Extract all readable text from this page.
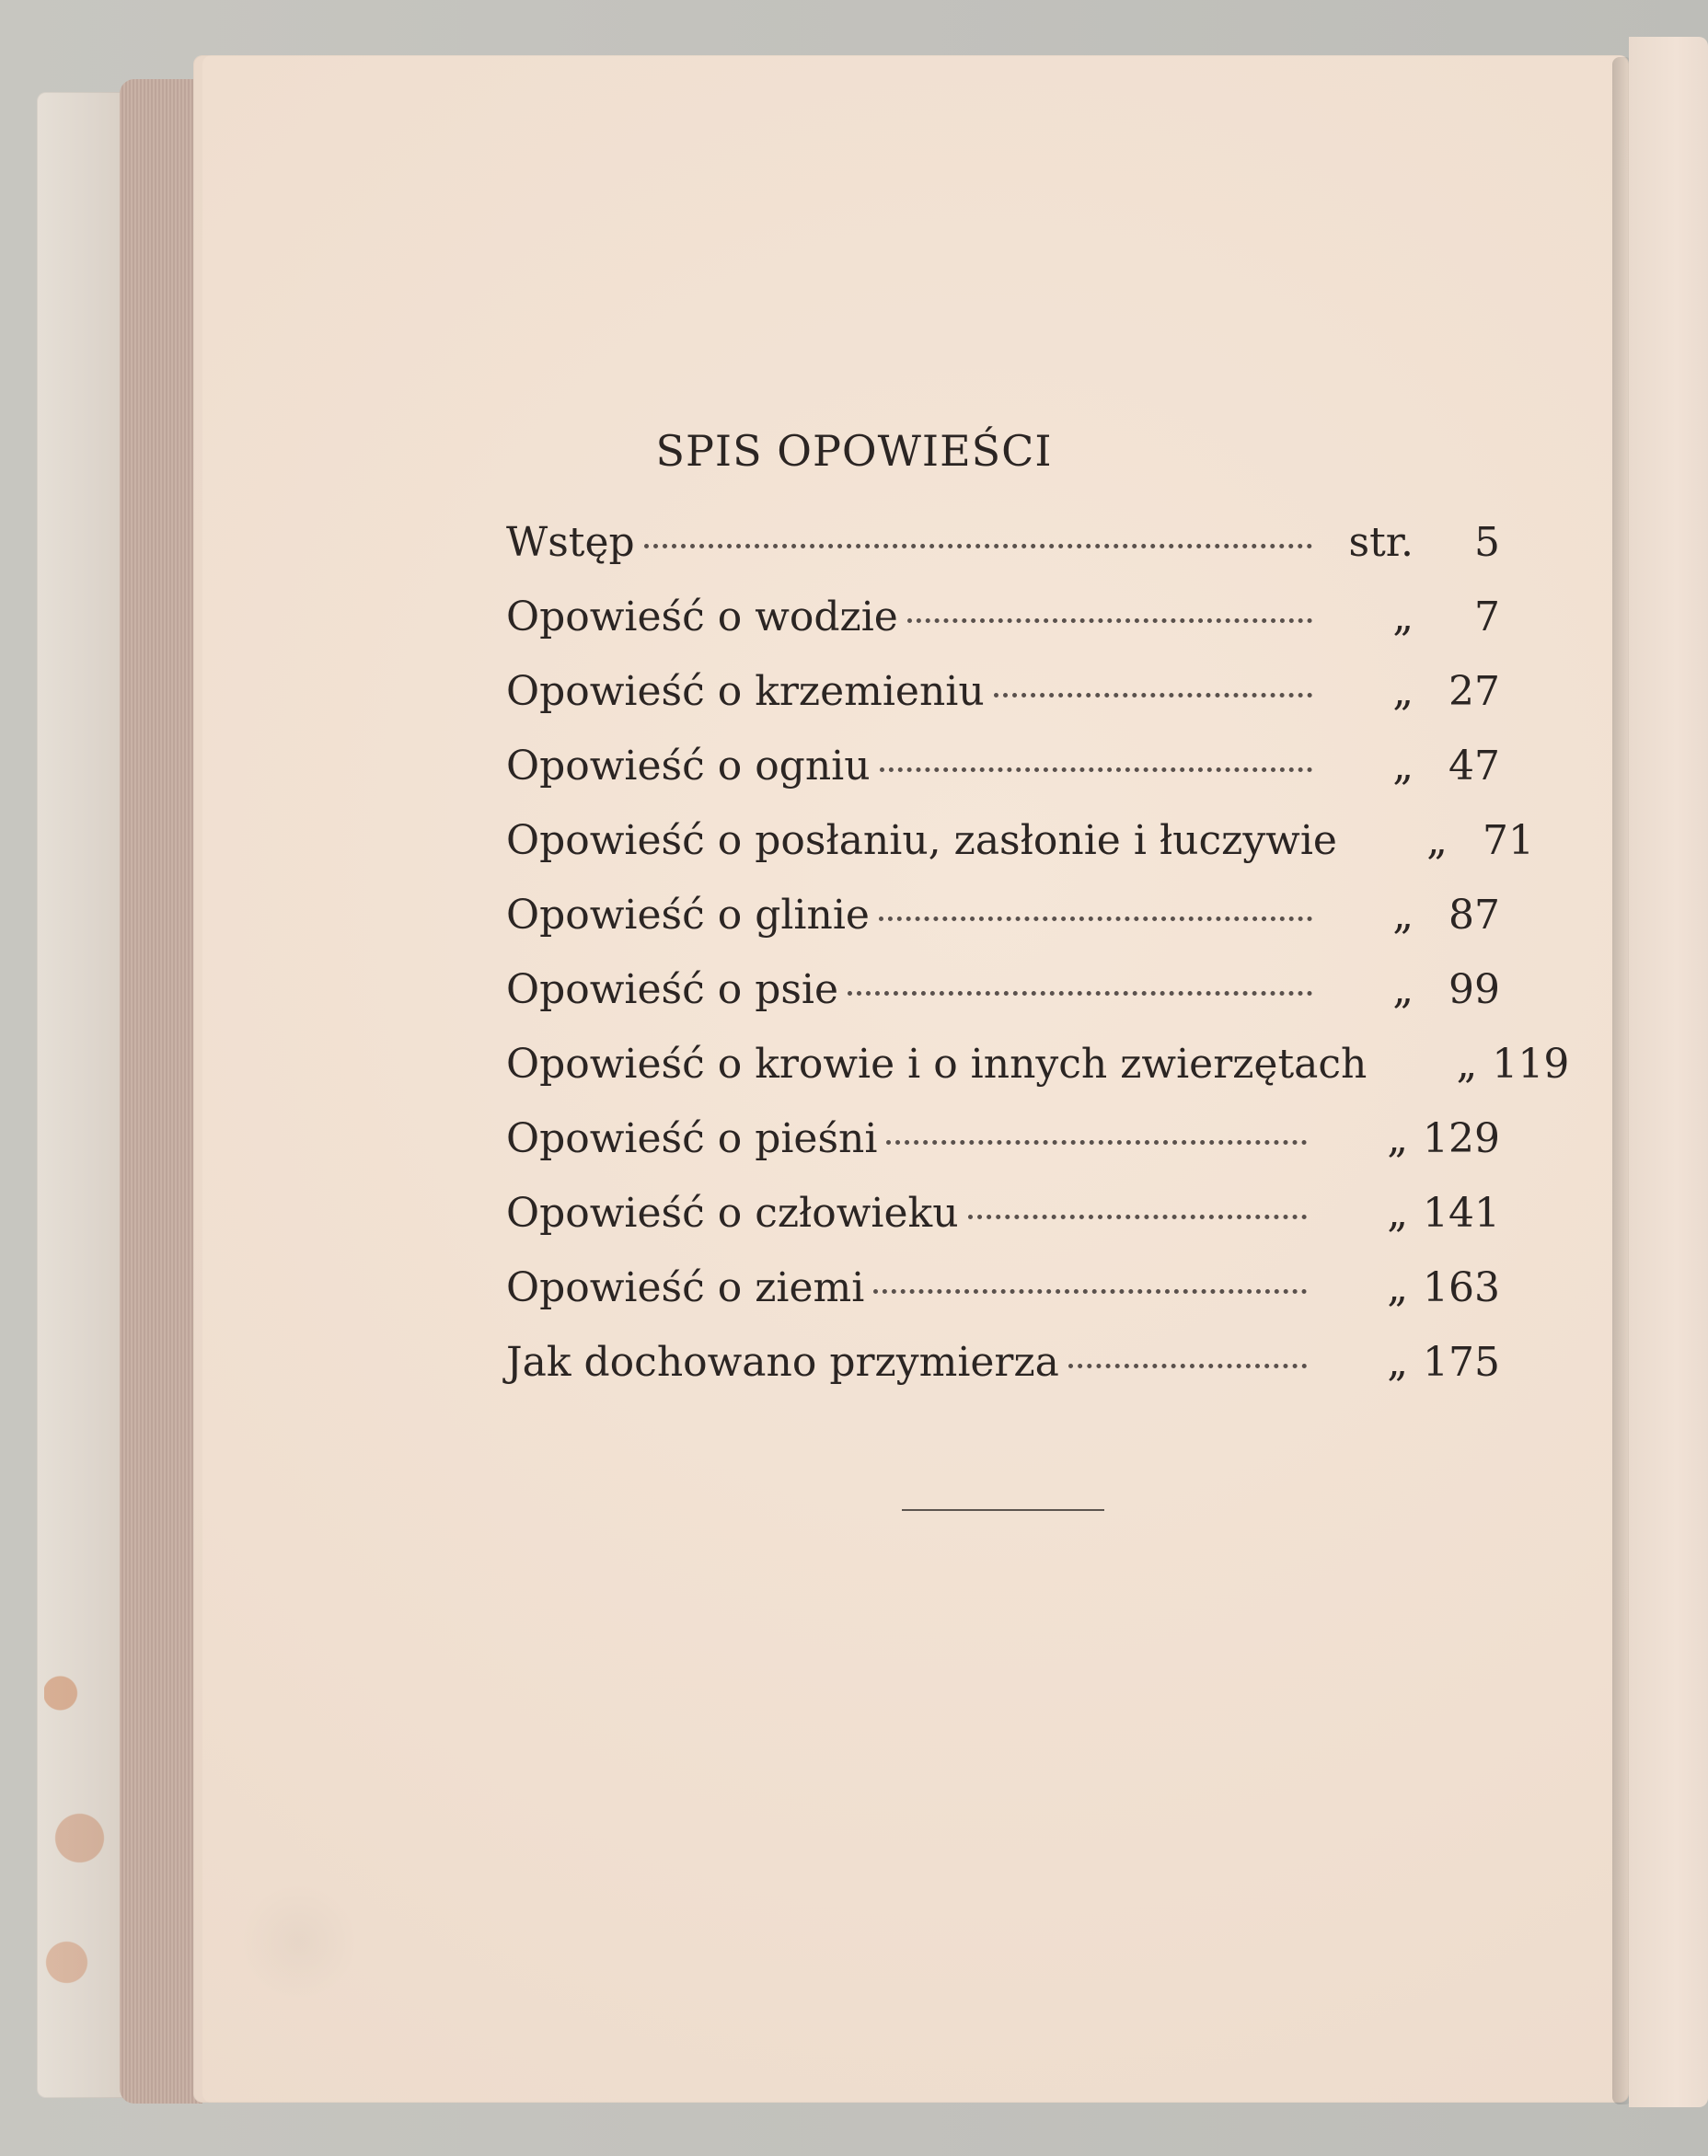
SPIS OPOWIEŚCI
Wstęp	str.	5
Opowieść o wodzie	„	7
Opowieść o krzemieniu	„ 27
Opowieść o ogniu	„ 47
Opowieść o posłaniu, zasłonie i łuczywie	„ 71
Opowieść o glinie	„ 87
Opowieść o psie	„ 99
Opowieść o krowie i o innych zwierzętach	„ 119
Opowieść o pieśni	„ 129
Opowieść o człowieku	„ 141
Opowieść o ziemi	„ 163
Jak dochowano przymierza	„ 175
